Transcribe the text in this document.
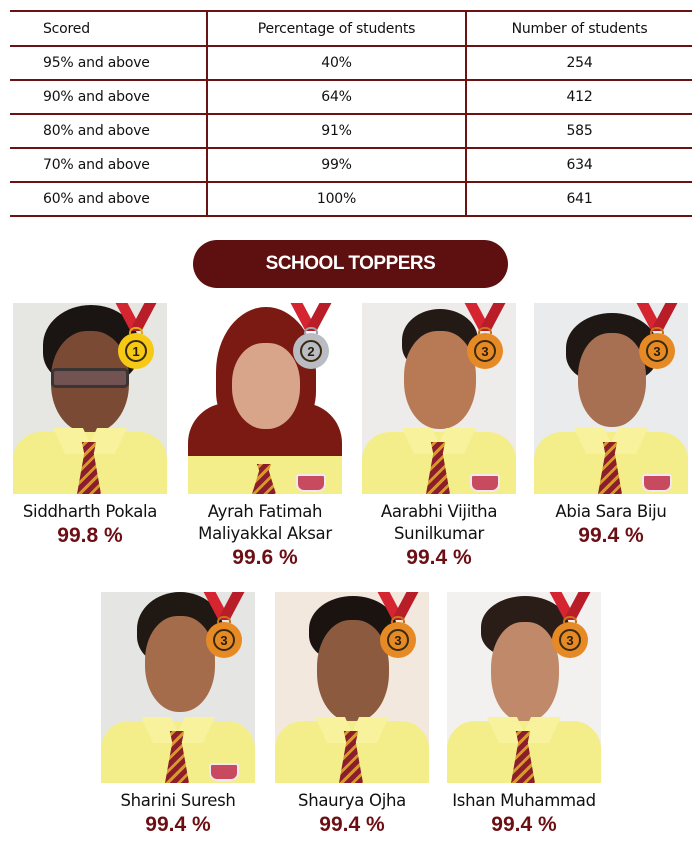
Scored	Percentage of students	Number of students
95% and above	40%	254
90% and above	64%	412
80% and above	91%	585
70% and above	99%	634
60% and above	100%	641
SCHOOL TOPPERS
1
Siddharth Pokala
99.8 %
2
Ayrah Fatimah
Maliyakkal Aksar
99.6 %
3
Aarabhi Vijitha
Sunilkumar
99.4 %
3
Abia Sara Biju
99.4 %
3
Sharini Suresh
99.4 %
3
Shaurya Ojha
99.4 %
3
Ishan Muhammad
99.4 %
